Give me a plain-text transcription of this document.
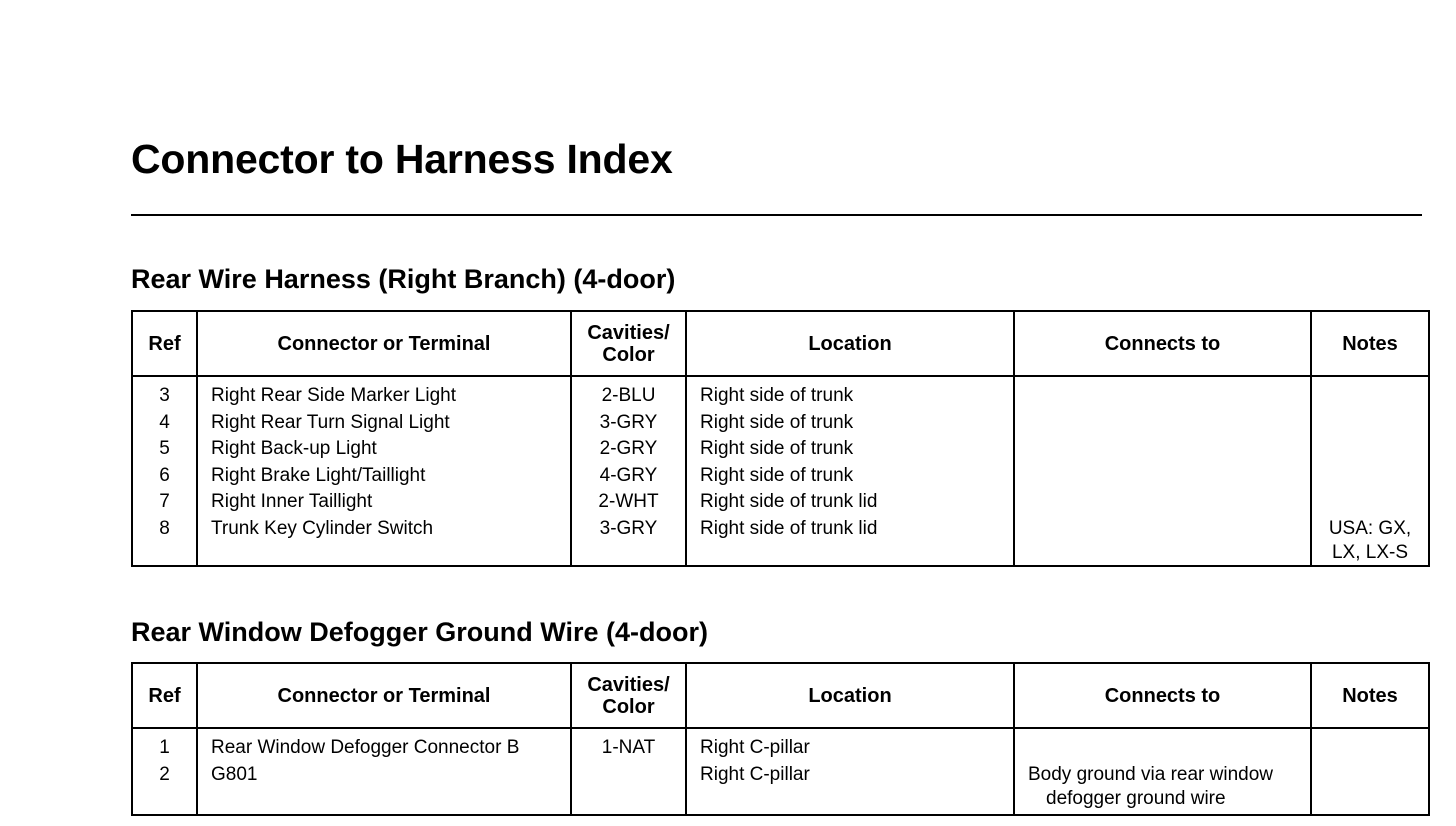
Connector to Harness Index
Rear Wire Harness (Right Branch) (4-door)
Ref	Connector or Terminal	Cavities/
Color	Location	Connects to	Notes
3	Right Rear Side Marker Light	2-BLU	Right side of trunk		
4	Right Rear Turn Signal Light	3-GRY	Right side of trunk		
5	Right Back-up Light	2-GRY	Right side of trunk		
6	Right Brake Light/Taillight	4-GRY	Right side of trunk		
7	Right Inner Taillight	2-WHT	Right side of trunk lid		
8	Trunk Key Cylinder Switch	3-GRY	Right side of trunk lid		USA: GX,
LX, LX-S
Rear Window Defogger Ground Wire (4-door)
Ref	Connector or Terminal	Cavities/
Color	Location	Connects to	Notes
1	Rear Window Defogger Connector B	1-NAT	Right C-pillar		
2	G801		Right C-pillar	Body ground via rear window
defogger ground wire	
